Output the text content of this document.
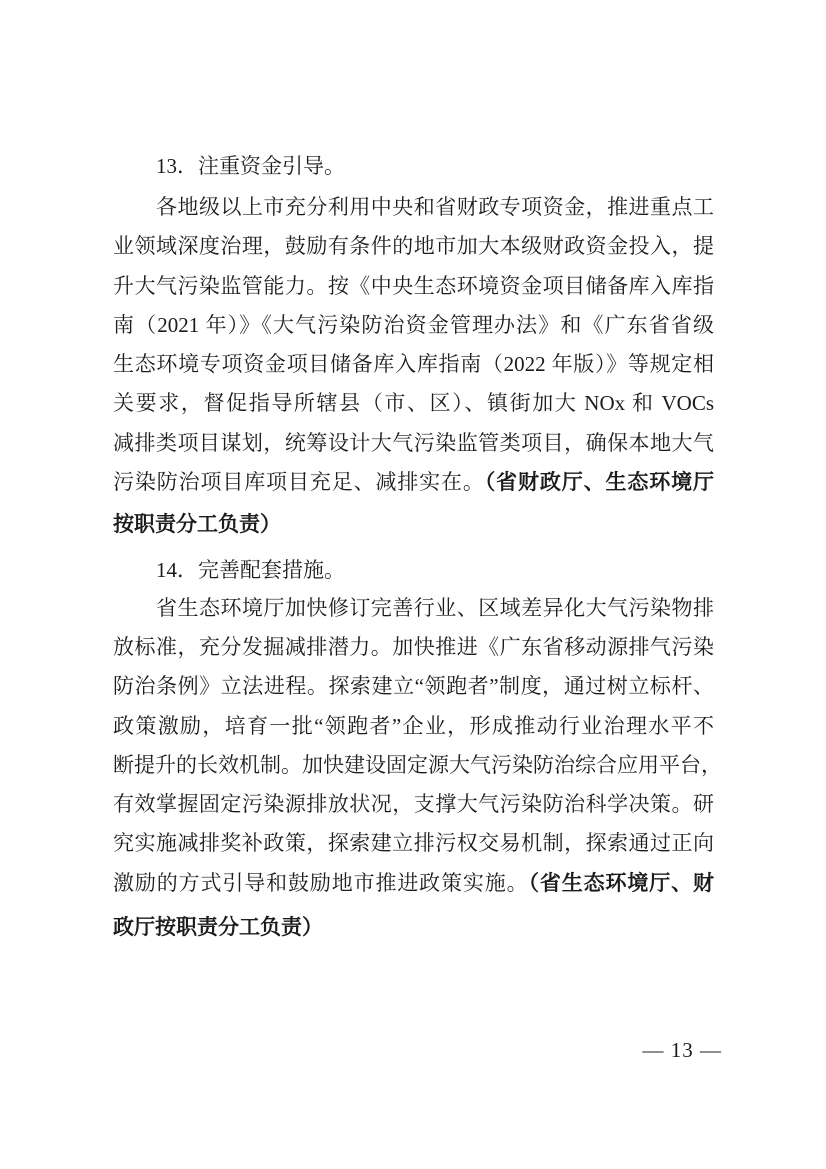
13．注重资金引导。
各地级以上市充分利用中央和省财政专项资金，推进重点工
业领域深度治理，鼓励有条件的地市加大本级财政资金投入，提
升大气污染监管能力。按《中央生态环境资金项目储备库入库指
南（2021 年）》《大气污染防治资金管理办法》和《广东省省级
生态环境专项资金项目储备库入库指南（2022 年版）》等规定相
关要求，督促指导所辖县（市、区）、镇街加大 NOx 和 VOCs
减排类项目谋划，统筹设计大气污染监管类项目，确保本地大气
污染防治项目库项目充足、减排实在。（省财政厅、生态环境厅
按职责分工负责）
14．完善配套措施。
省生态环境厅加快修订完善行业、区域差异化大气污染物排
放标准，充分发掘减排潜力。加快推进《广东省移动源排气污染
防治条例》立法进程。探索建立“领跑者”制度，通过树立标杆、
政策激励，培育一批“领跑者”企业，形成推动行业治理水平不
断提升的长效机制。加快建设固定源大气污染防治综合应用平台，
有效掌握固定污染源排放状况，支撑大气污染防治科学决策。研
究实施减排奖补政策，探索建立排污权交易机制，探索通过正向
激励的方式引导和鼓励地市推进政策实施。（省生态环境厅、财
政厅按职责分工负责）
— 13 —
